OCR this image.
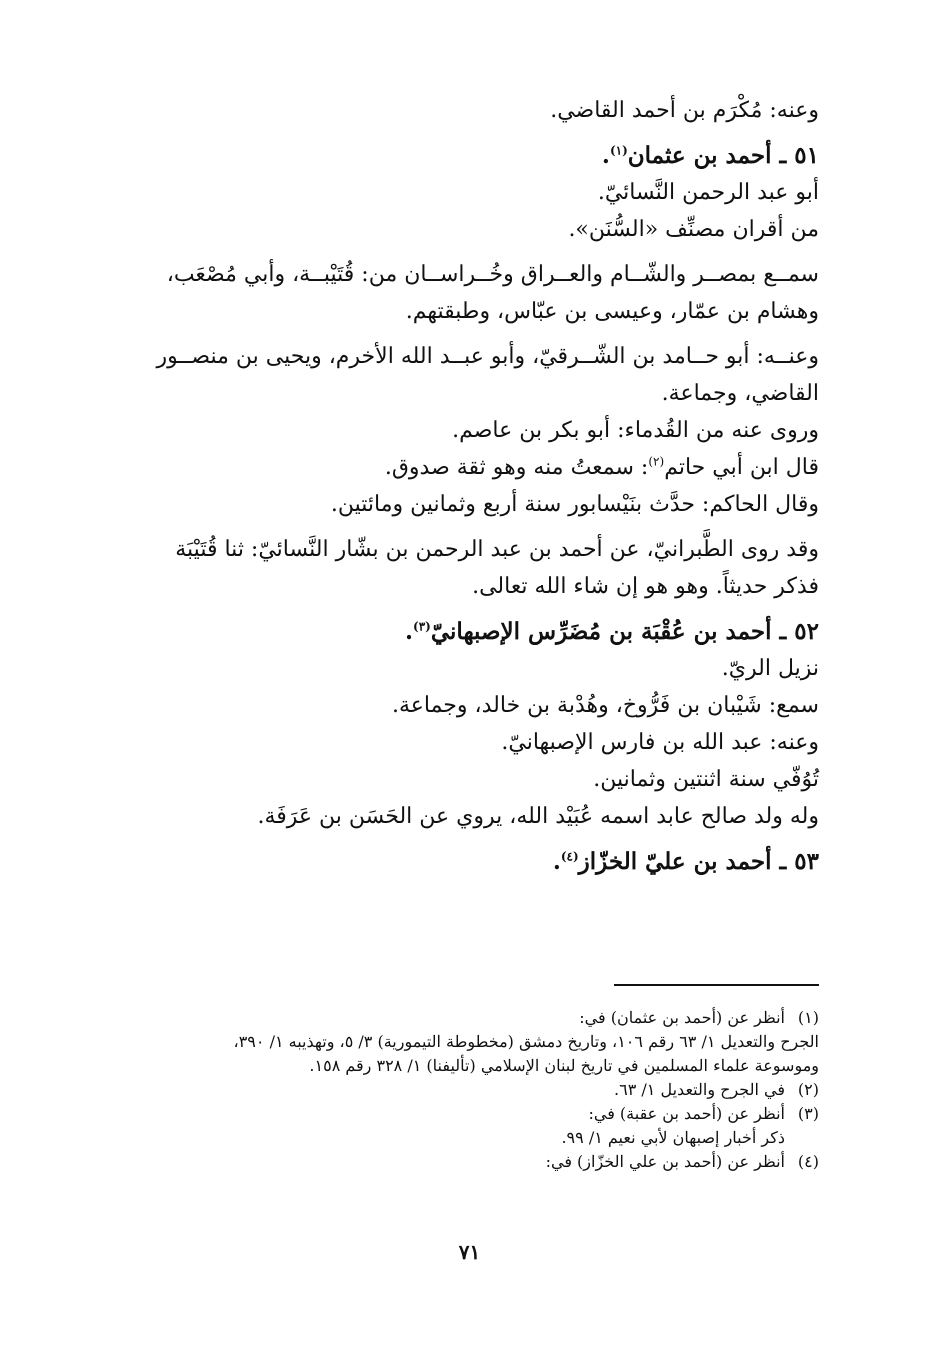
وعنه: مُكْرَم بن أحمد القاضي.
٥١ ـ أحمد بن عثمان$^{(١)}$.
أبو عبد الرحمن النَّسائيّ.
من أقران مصنِّف «السُّنَن».
سمــع بمصــر والشّــام والعــراق وخُــراســان من: قُتَيْبــة، وأبي مُصْعَب،
وهشام بن عمّار، وعيسى بن عبّاس، وطبقتهم.
وعنــه: أبو حــامد بن الشّــرقيّ، وأبو عبــد الله الأخرم، ويحيى بن منصــور
القاضي، وجماعة.
وروى عنه من القُدماء: أبو بكر بن عاصم.
قال ابن أبي حاتم$^{(٢)}$: سمعتُ منه وهو ثقة صدوق.
وقال الحاكم: حدَّث بنَيْسابور سنة أربع وثمانين ومائتين.
وقد روى الطَّبرانيّ، عن أحمد بن عبد الرحمن بن بشّار النَّسائيّ: ثنا قُتَيْبَة
فذكر حديثاً. وهو هو إن شاء الله تعالى.
٥٢ ـ أحمد بن عُقْبَة بن مُضَرِّس الإصبهانيّ$^{(٣)}$.
نزيل الريّ.
سمع: شَيْبان بن فَرُّوخ، وهُدْبة بن خالد، وجماعة.
وعنه: عبد الله بن فارس الإصبهانيّ.
تُوُفّي سنة اثنتين وثمانين.
وله ولد صالح عابد اسمه عُبَيْد الله، يروي عن الحَسَن بن عَرَفَة.
٥٣ ـ أحمد بن عليّ الخزّاز$^{(٤)}$.
(١)أنظر عن (أحمد بن عثمان) في:
الجرح والتعديل ١/ ٦٣ رقم ١٠٦، وتاريخ دمشق (مخطوطة التيمورية) ٣/ ٥، وتهذيبه ١/ ٣٩٠،
وموسوعة علماء المسلمين في تاريخ لبنان الإسلامي (تأليفنا) ١/ ٣٢٨ رقم ١٥٨.
(٢)في الجرح والتعديل ١/ ٦٣.
(٣)أنظر عن (أحمد بن عقبة) في:
ذكر أخبار إصبهان لأبي نعيم ١/ ٩٩.
(٤)أنظر عن (أحمد بن علي الخزّاز) في:
٧١
